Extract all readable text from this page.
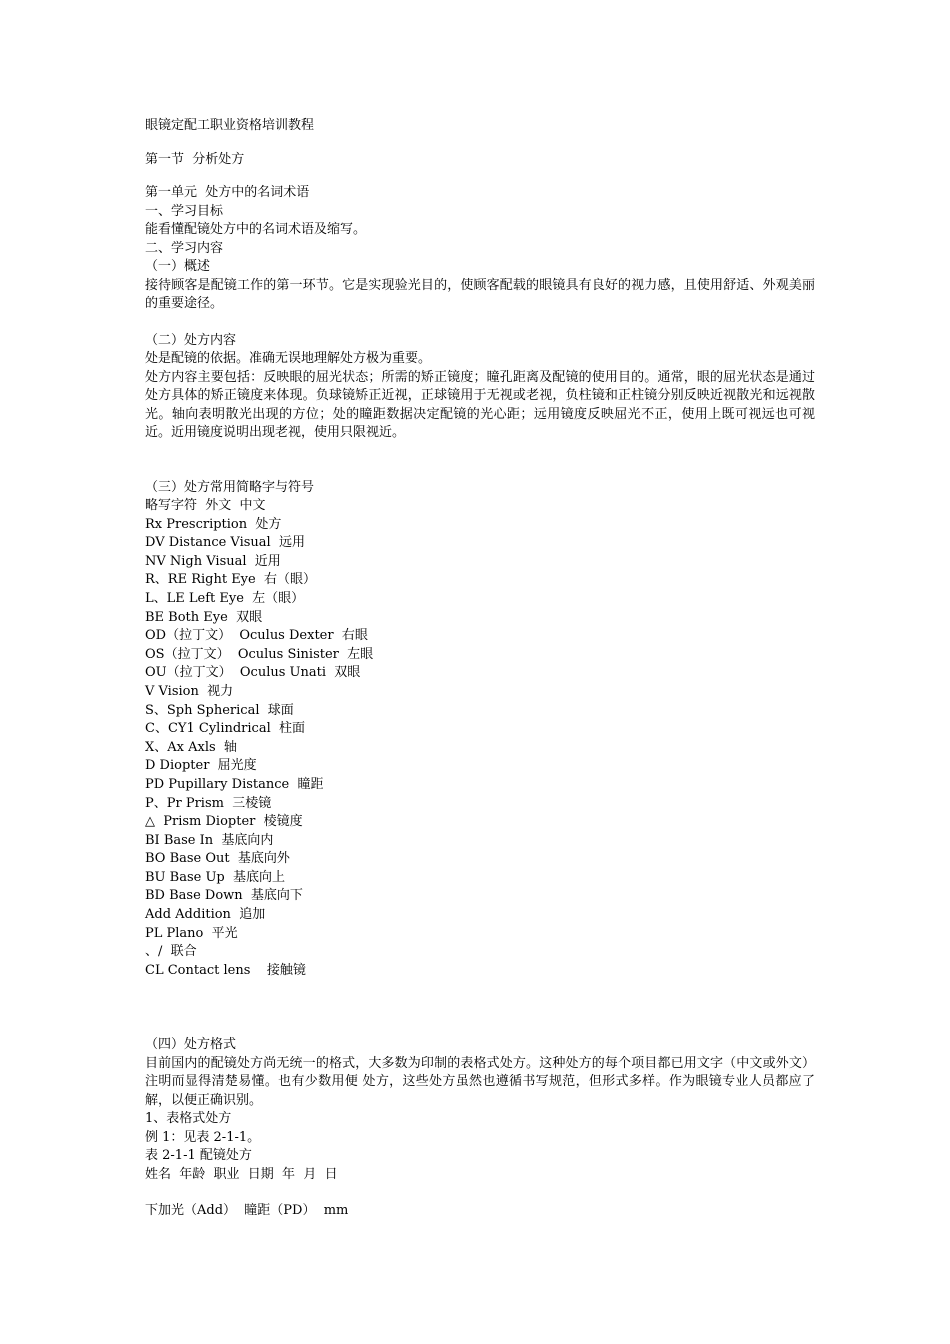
眼镜定配工职业资格培训教程
第一节  分析处方
第一单元  处方中的名词术语
一、学习目标
能看懂配镜处方中的名词术语及缩写。
二、学习内容
（一）概述
接待顾客是配镜工作的第一环节。它是实现验光目的，使顾客配载的眼镜具有良好的视力感，且使用舒适、外观美丽的重要途径。
（二）处方内容
处是配镜的依据。准确无误地理解处方极为重要。
处方内容主要包括：反映眼的屈光状态；所需的矫正镜度；瞳孔距离及配镜的使用目的。通常，眼的屈光状态是通过处方具体的矫正镜度来体现。负球镜矫正近视，正球镜用于无视或老视，负柱镜和正柱镜分别反映近视散光和远视散光。轴向表明散光出现的方位；处的瞳距数据决定配镜的光心距；远用镜度反映屈光不正，使用上既可视远也可视近。近用镜度说明出现老视，使用只限视近。
（三）处方常用简略字与符号
略写字符  外文  中文
Rx Prescription  处方
DV Distance Visual  远用
NV Nigh Visual  近用
R、RE Right Eye  右（眼）
L、LE Left Eye  左（眼）
BE Both Eye  双眼
OD（拉丁文）  Oculus Dexter  右眼
OS（拉丁文）  Oculus Sinister  左眼
OU（拉丁文）  Oculus Unati  双眼
V Vision  视力
S、Sph Spherical  球面
C、CY1 Cylindrical  柱面
X、Ax Axls  轴
D Diopter  屈光度
PD Pupillary Distance  瞳距
P、Pr Prism  三棱镜
△  Prism Diopter  棱镜度
BI Base In  基底向内
BO Base Out  基底向外
BU Base Up  基底向上
BD Base Down  基底向下
Add Addition  追加
PL Plano  平光
、/  联合
CL Contact lens    接触镜
（四）处方格式
目前国内的配镜处方尚无统一的格式，大多数为印制的表格式处方。这种处方的每个项目都已用文字（中文或外文）注明而显得清楚易懂。也有少数用便 处方，这些处方虽然也遵循书写规范，但形式多样。作为眼镜专业人员都应了解，以便正确识别。
1、表格式处方
例 1：见表 2-1-1。
表 2-1-1 配镜处方
姓名  年龄  职业  日期  年  月  日
下加光（Add）  瞳距（PD）  mm
